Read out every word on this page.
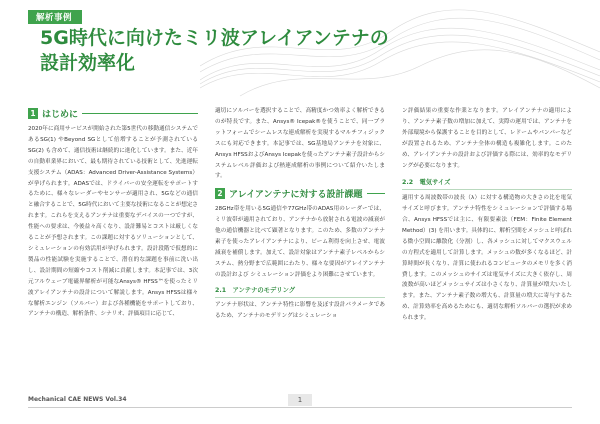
解析事例
5G時代に向けたミリ波アレイアンテナの
設計効率化
1 はじめに

2020年に商用サービスが開始された第5世代の移動通信システムであるSG(1) やBeyond SGとして倍増することが予測されているSG(2) も含めて、通信技術は継続的に進化しています。また、近年の自動車業界において、最も期待されている技術として、先進運転支援システム（ADAS：Advanced Driver-Assistance Systems）が挙げられます。ADASでは、ドライバーの安全運転をサポートするために、様々なレーダーやセンサーが適用され、5Gなどの通信と融合することで、5G時代において主要な技術になることが想定されます。これらを支えるアンテナは重要なデバイスの一つですが、性能への要求は、今後益々高くなり、設計難易とコストは厳しくなることが予想されます。この課題に対するソリューションとして、シミュレーションの有効活用が挙げられます。設計段階で仮想的に製品の性能試験を実施することで、潜在的な課題を事前に洗い出し、設計期間の短縮やコスト削減に貢献します。本記事では、3次元フルウェーブ電磁界解析が可能なAnsys® HFSS™を使ったミリ波アレイアンテナの設計について解説します。Ansys HFSSは様々な解析エンジン（ソルバー）および各種機能をサポートしており、アンテナの構造、解析条件、シナリオ、評価項目に応じて、

適切にソルバーを選択することで、高精度かつ効率よく解析できるのが特長です。また、Ansys® Icepak®を使うことで、同一プラットフォームでシームレスな連成解析を実現するマルチフィジックスにも対応できます。本記事では、SG基地局アンテナを対象に、Ansys HFSSおよびAnsys Icepakを使ったアンテナ素子設計からシステムレベル評価および熱連成解析の事例について紹介いたします。

2 アレイアンテナに対する設計課題

28GHz帯を用いる5G通信や77GHz帯のADAS用のレーダーでは、ミリ波帯が適用されており、アンテナから放射される電波の減衰が他の通信機器と比べて顕著となります。このため、多数のアンテナ素子を使ったアレイアンテナにより、ビーム利得を向上させ、電波減衰を補償します。加えて、設計対象はアンテナ素子レベルからシステム、熱分野まで広範囲にわたり、様々な要因がアレイアンテナの設計および シミュレーション評価をより困難にさせています。

2.1　アンテナのモデリング

アンテナ形状は、アンテナ特性に影響を及ぼす設計パラメータであるため、アンテナのモデリングはシミュレーショ

ン評価結果の重要な作業となります。アレイアンテナの適用により、アンテナ素子数の増加に加えて、実際の運用では、アンテナを外部環境から保護することを目的として、レドームやバンパーなどが設置されるため、アンテナ全体の構造も複雑化します。このため、アレイアンテナの設計および評価する際には、効率的なモデリングが必要になります。

2.2　電気サイズ

適用する周波数帯の波長（λ）に対する構造物の大きさの比を電気サイズと呼びます。アンテナ特性をシミュレーションで評価する場合、Ansys HFSSでは主に、有限要素法（FEM：Finite Element Method）(3) を用います。具体的に、解析空間をメッシュと呼ばれる微小空間に離散化（分割）し、各メッシュに対してマクスウェルの方程式を適用して計算します。メッシュの数が多くなるほど、計算時間が長くなり、計算に使われるコンピュータのメモリを多く消費します。このメッシュのサイズは電気サイズに大きく依存し、周波数が高いほどメッシュサイズは小さくなり、計算量が増大いたします。また、アンテナ素子数の増大も、計算量の増大に寄与するため、計算効率を高めるためにも、適切な解析ソルバーの選択が求められます。

Mechanical CAE NEWS Vol.34	1
